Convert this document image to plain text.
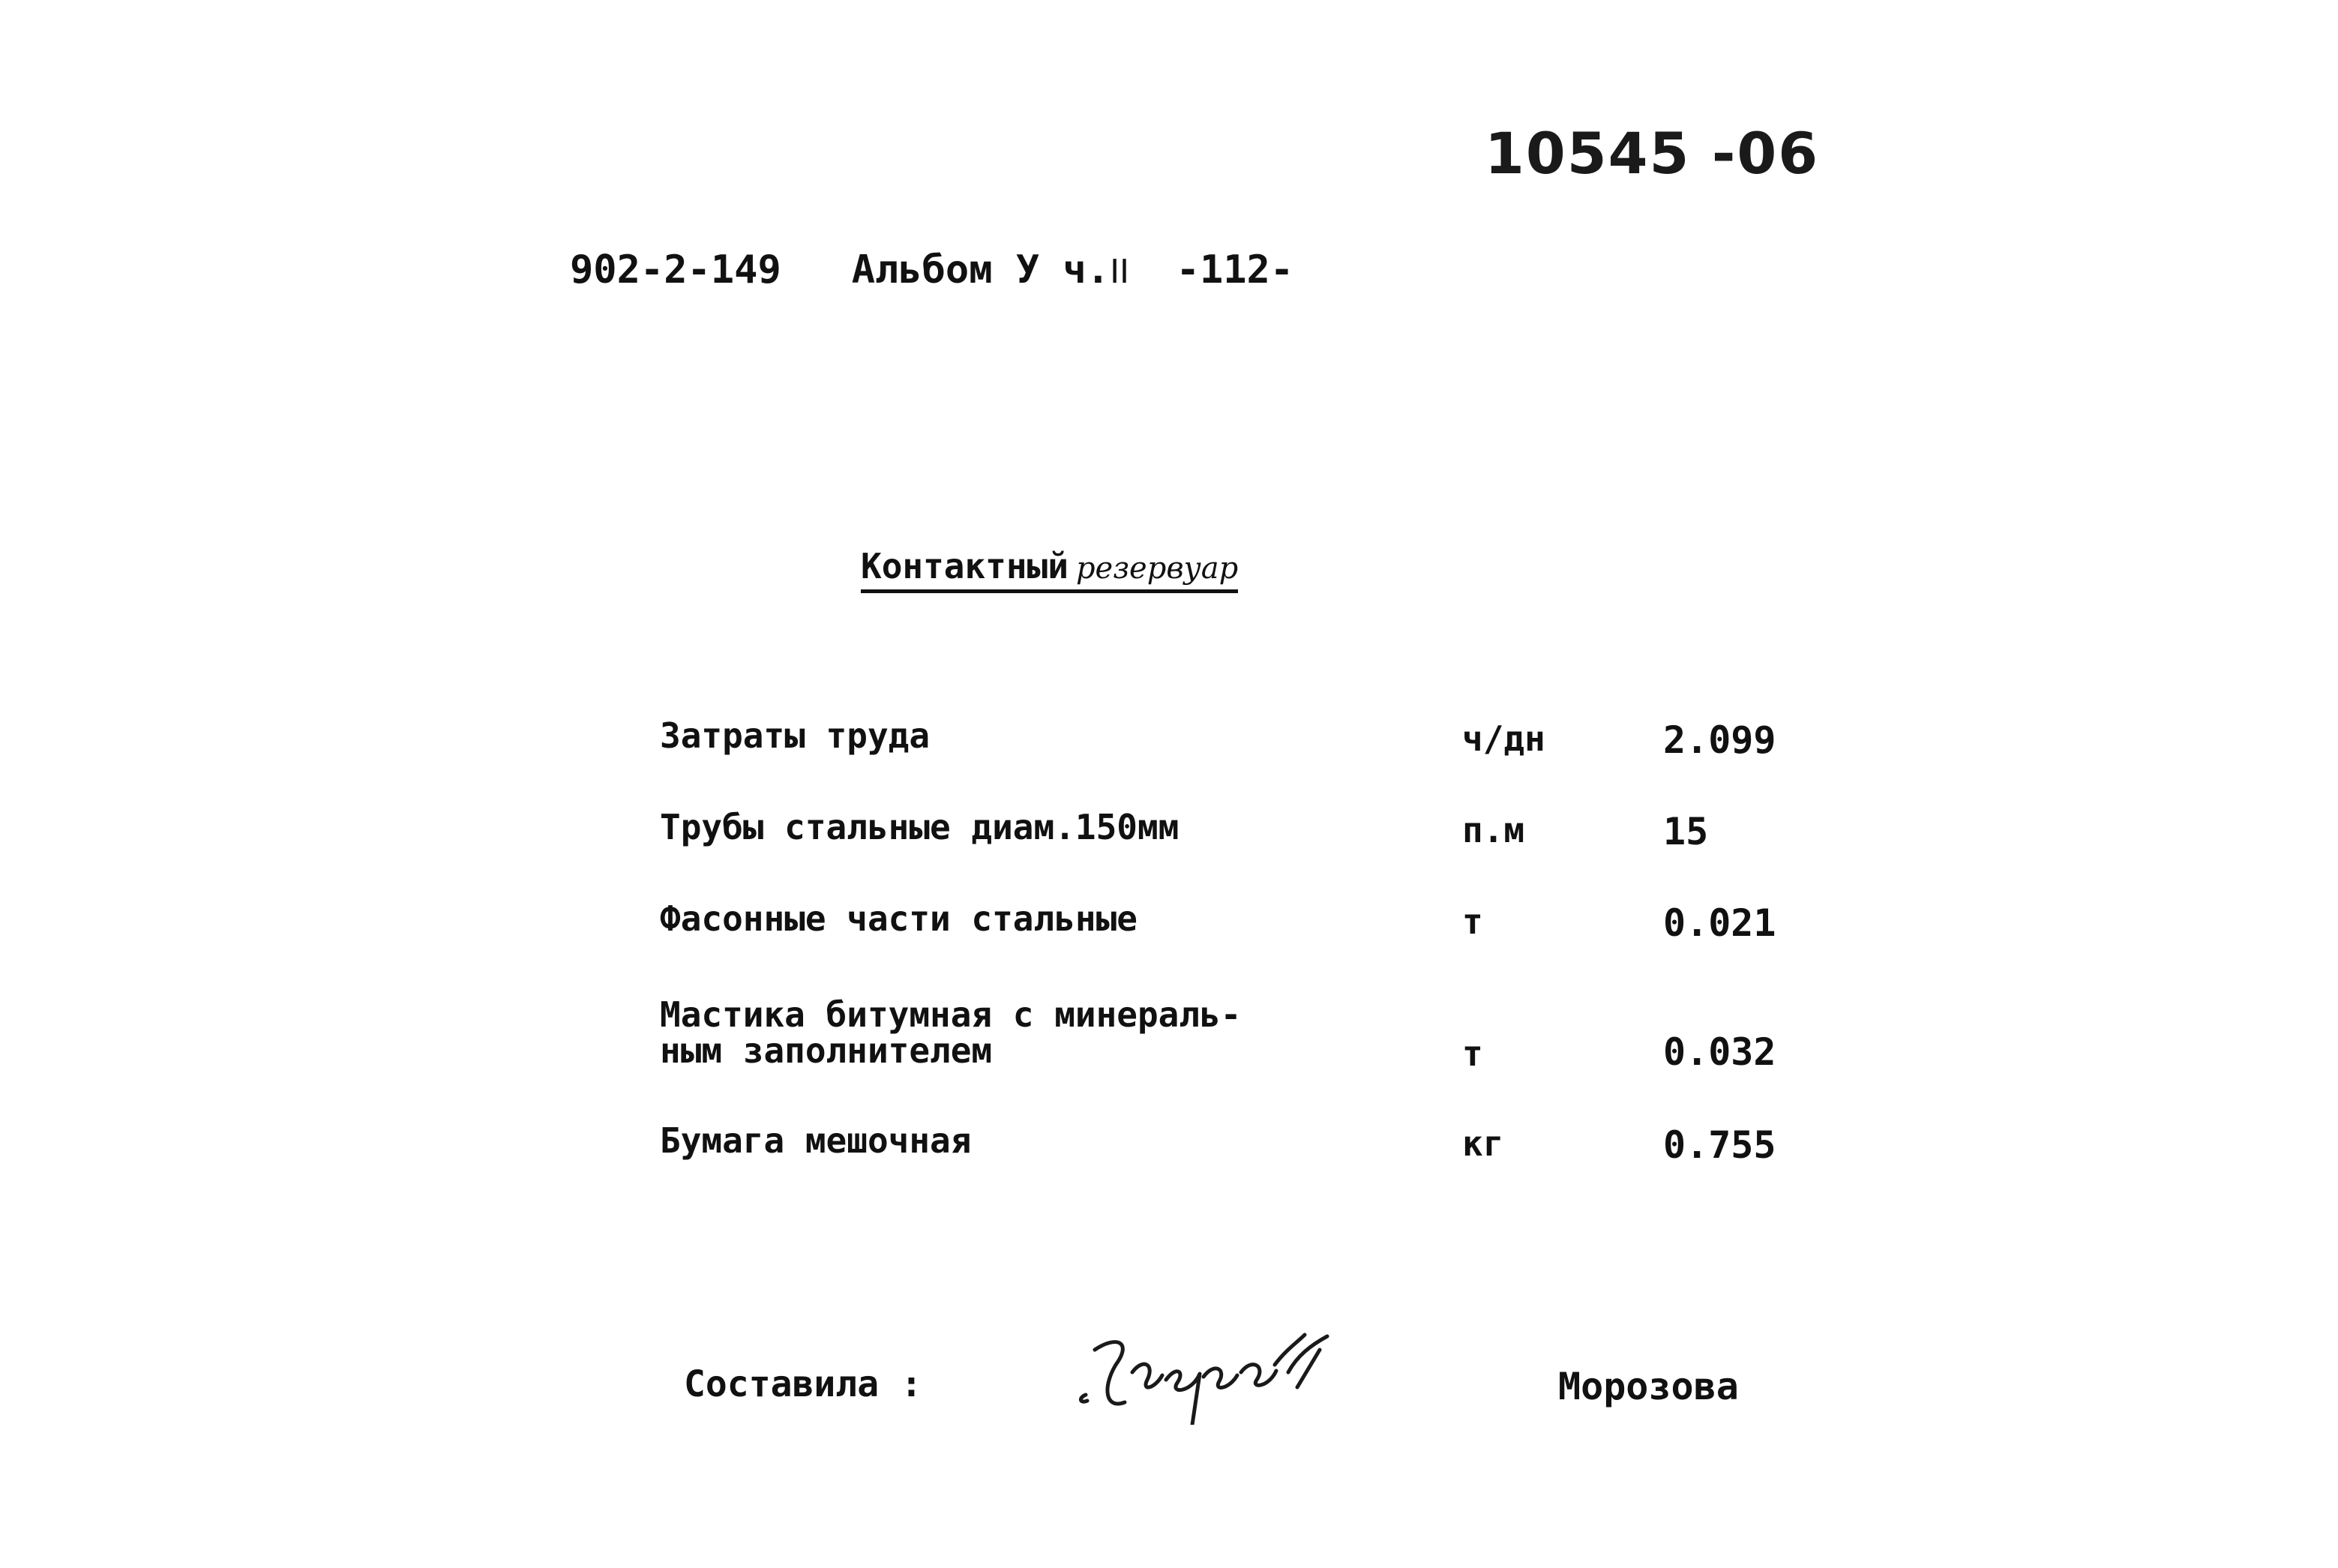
10545 -06
902-2-149 Альбом У ч.II -112-
Контактный резервуар
Затраты труда	ч/дн	2.099
Трубы стальные диам.150мм	п.м	15
Фасонные части стальные	т	0.021
Мастика битумная с минераль-
ным заполнителем	т	0.032
Бумага мешочная	кг	0.755
Составила :	Морозова
